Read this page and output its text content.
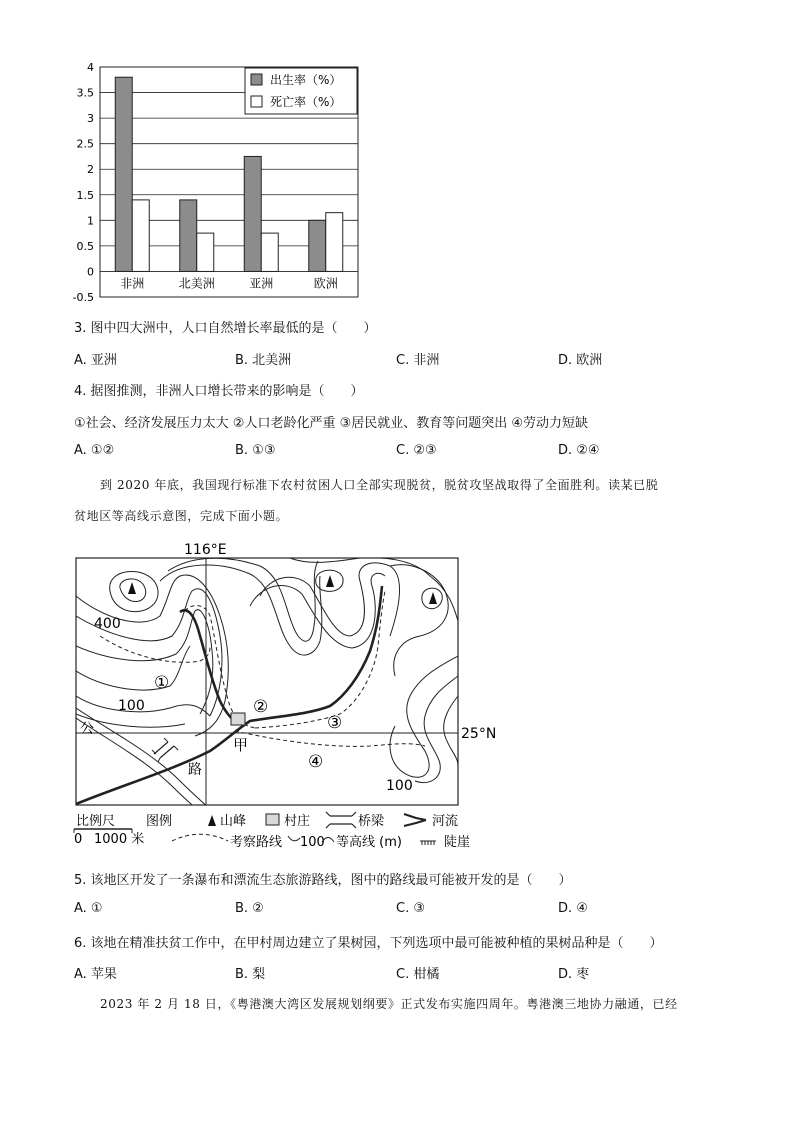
4
3.5
3
2.5
2
1.5
1
0.5
0
-0.5
非洲	北美洲	亚洲	欧洲
出生率（%）
死亡率（%）
3. 图中四大洲中，人口自然增长率最低的是（　　）
A. 亚洲	B. 北美洲	C. 非洲	D. 欧洲
4. 据图推测，非洲人口增长带来的影响是（　　）
①社会、经济发展压力太大 ②人口老龄化严重 ③居民就业、教育等问题突出 ④劳动力短缺
A. ①②	B. ①③	C. ②③	D. ②④
到 2020 年底，我国现行标准下农村贫困人口全部实现脱贫，脱贫攻坚战取得了全面胜利。读某已脱
贫地区等高线示意图，完成下面小题。
116°E
甲
400
100
100
25°N
公
路
①
②
③
④
比例尺 图例	山峰	村庄	桥梁	河流
0 1000 米	考察路线 100 等高线 (m)	陡崖
5. 该地区开发了一条瀑布和漂流生态旅游路线，图中的路线最可能被开发的是（　　）
A. ①	B. ②	C. ③	D. ④
6. 该地在精准扶贫工作中，在甲村周边建立了果树园，下列选项中最可能被种植的果树品种是（　　）
A. 苹果	B. 梨	C. 柑橘	D. 枣
2023 年 2 月 18 日，《粤港澳大湾区发展规划纲要》正式发布实施四周年。粤港澳三地协力融通，已经
